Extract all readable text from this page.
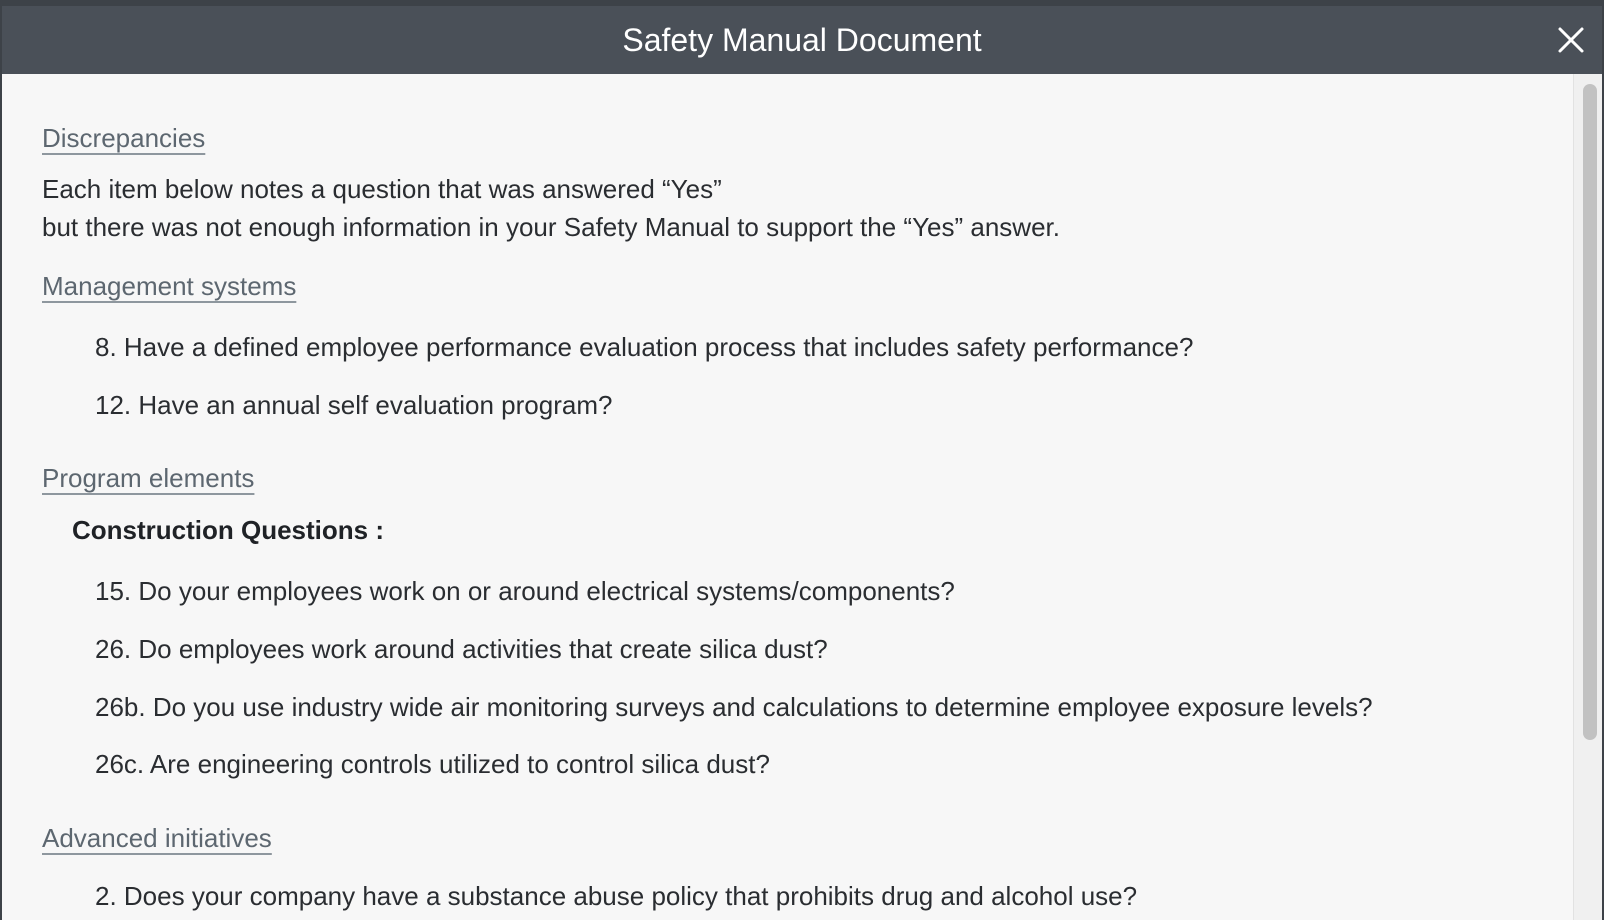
Safety Manual Document
Discrepancies
Each item below notes a question that was answered “Yes”
but there was not enough information in your Safety Manual to support the “Yes” answer.
Management systems
8. Have a defined employee performance evaluation process that includes safety performance?
12. Have an annual self evaluation program?
Program elements
Construction Questions :
15. Do your employees work on or around electrical systems/components?
26. Do employees work around activities that create silica dust?
26b. Do you use industry wide air monitoring surveys and calculations to determine employee exposure levels?
26c. Are engineering controls utilized to control silica dust?
Advanced initiatives
2. Does your company have a substance abuse policy that prohibits drug and alcohol use?
